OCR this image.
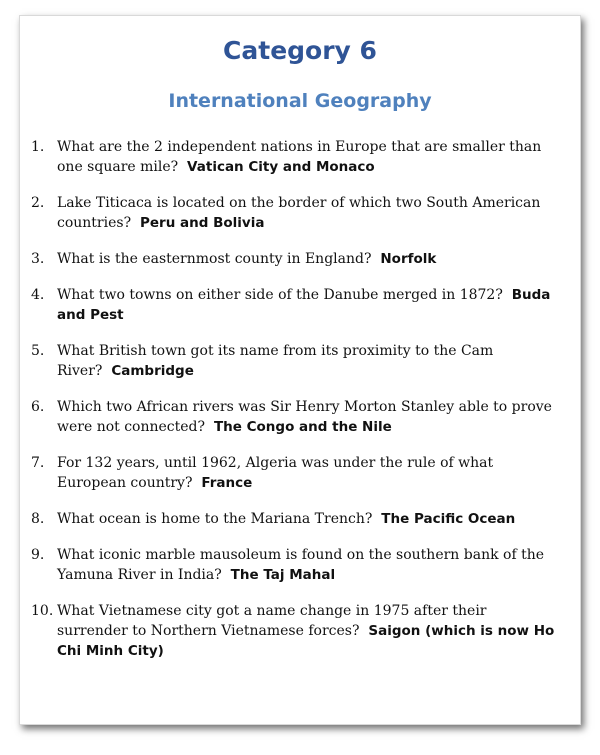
Category 6
International Geography
1. What are the 2 independent nations in Europe that are smaller than one square mile? Vatican City and Monaco
2. Lake Titicaca is located on the border of which two South American countries? Peru and Bolivia
3. What is the easternmost county in England? Norfolk
4. What two towns on either side of the Danube merged in 1872? Buda and Pest
5. What British town got its name from its proximity to the Cam River? Cambridge
6. Which two African rivers was Sir Henry Morton Stanley able to prove were not connected? The Congo and the Nile
7. For 132 years, until 1962, Algeria was under the rule of what European country? France
8. What ocean is home to the Mariana Trench? The Pacific Ocean
9. What iconic marble mausoleum is found on the southern bank of the Yamuna River in India? The Taj Mahal
10. What Vietnamese city got a name change in 1975 after their surrender to Northern Vietnamese forces? Saigon (which is now Ho Chi Minh City)
